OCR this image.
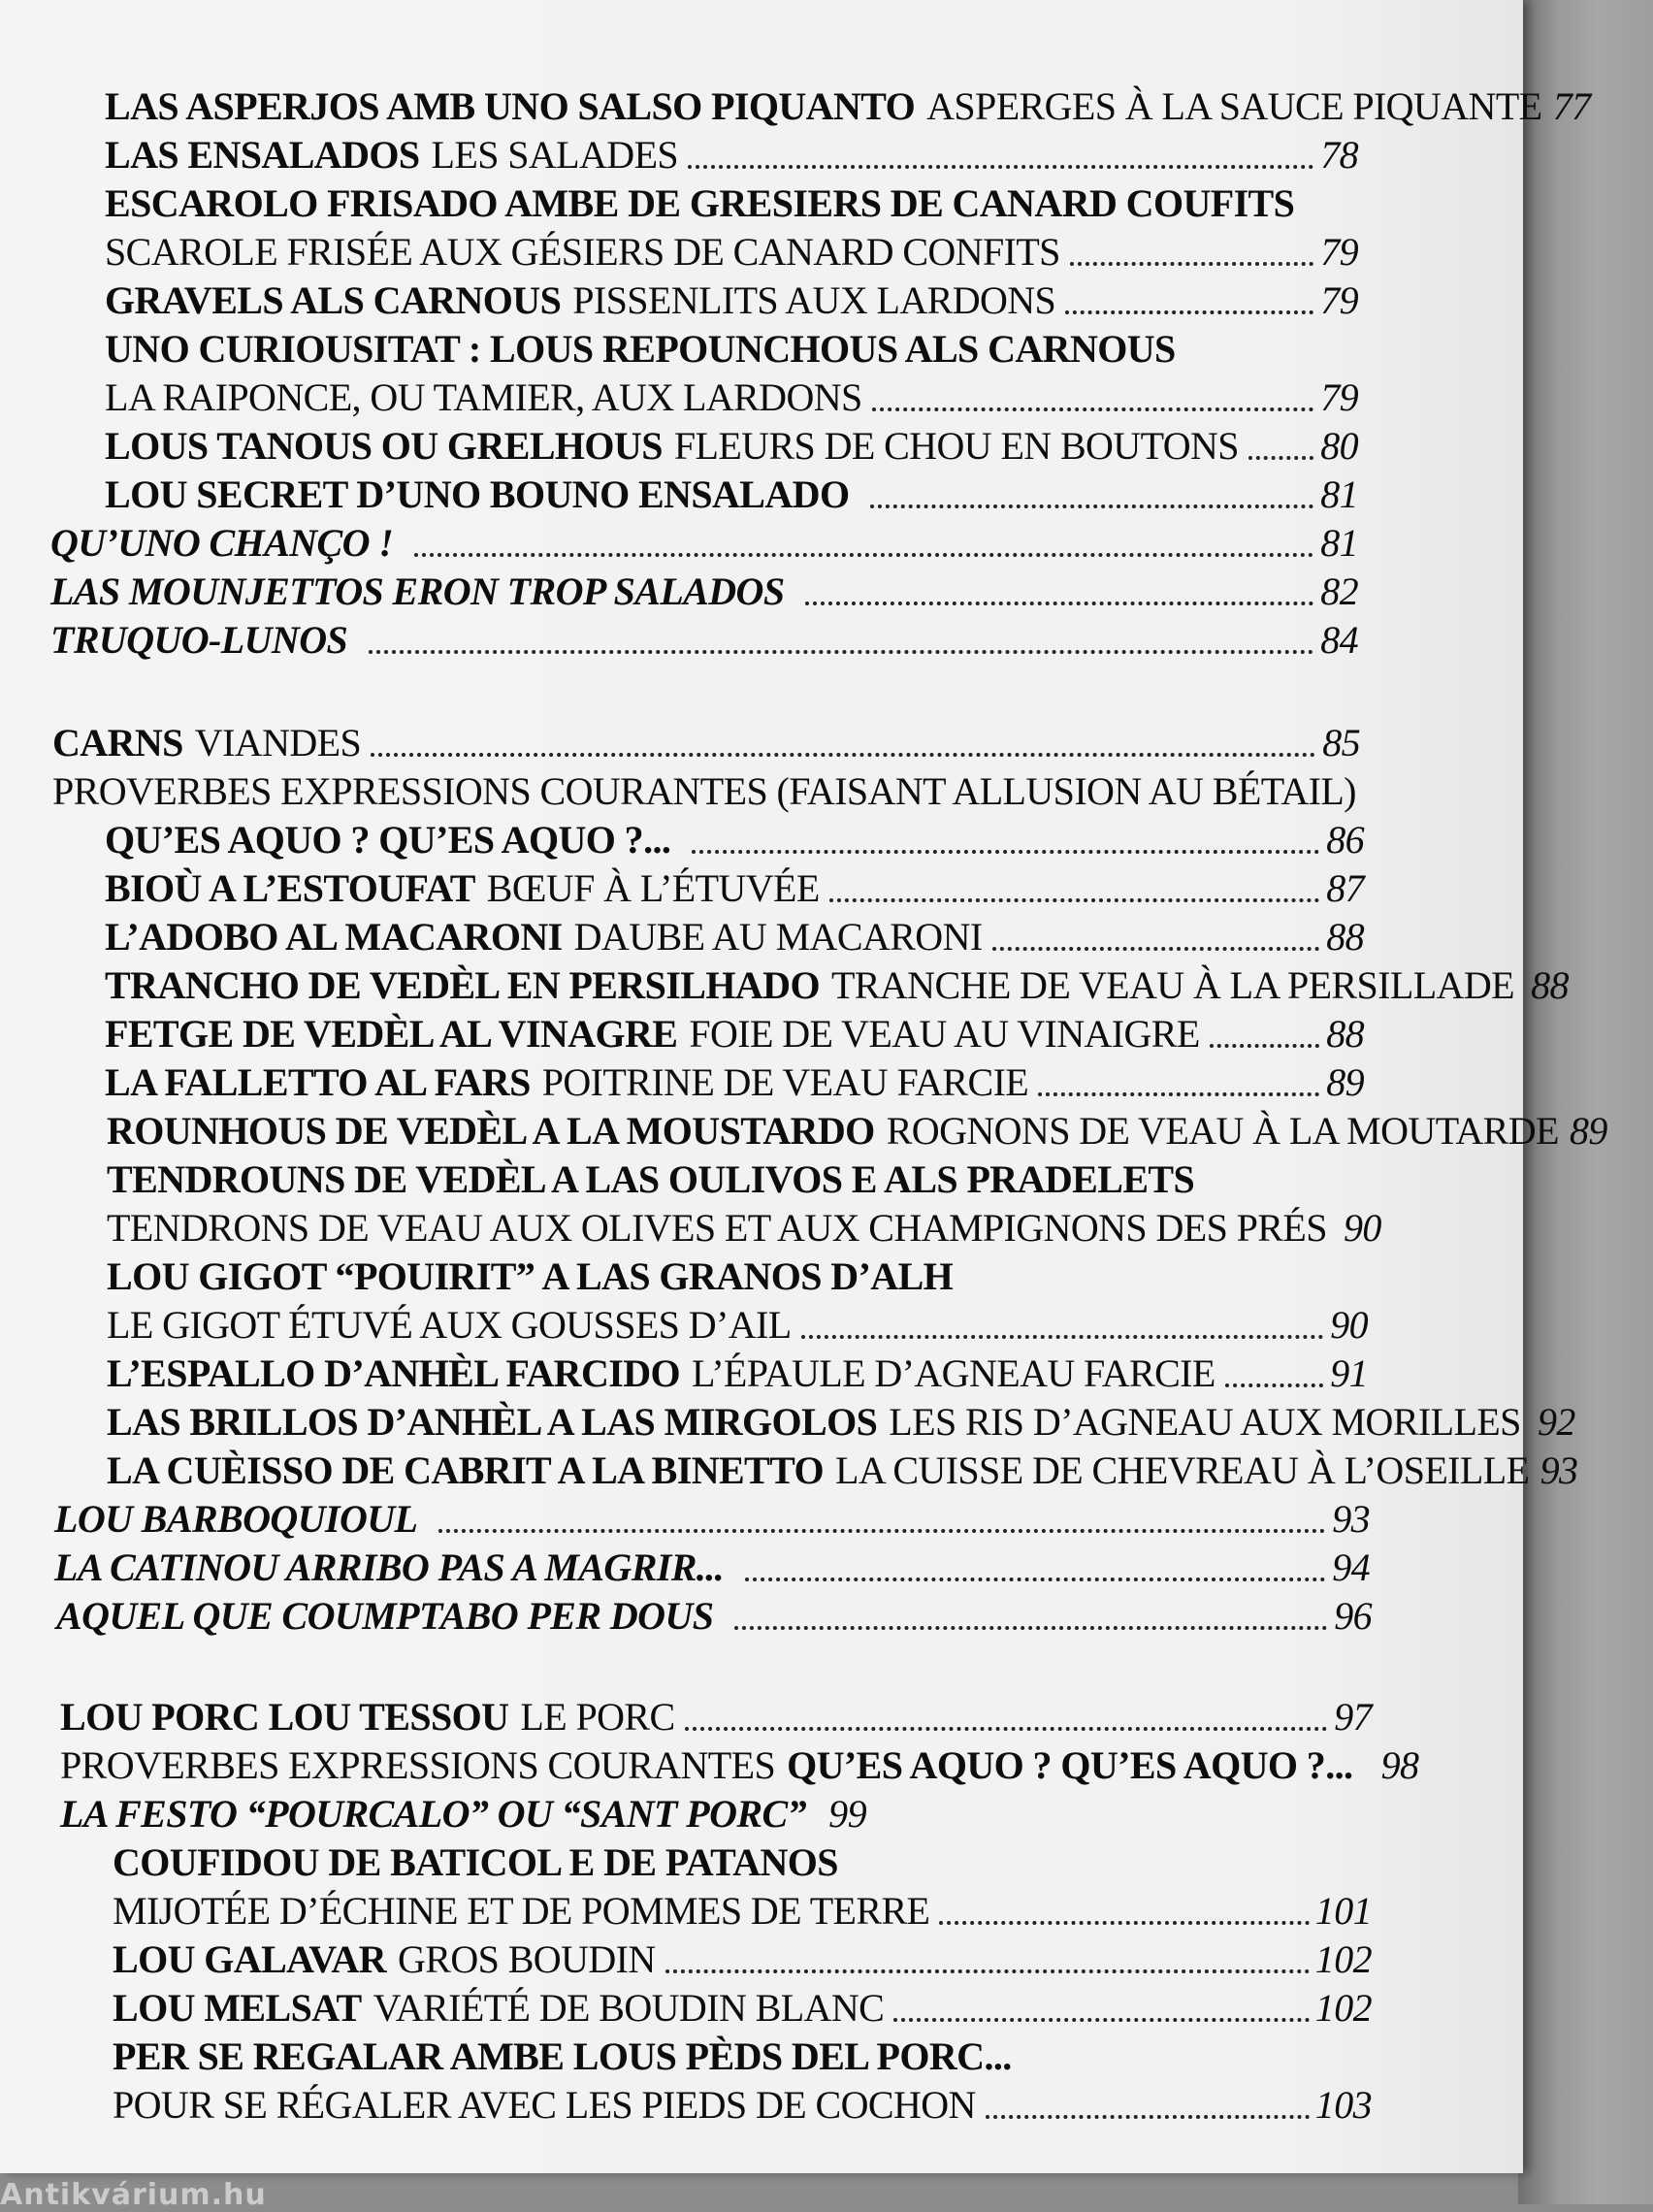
LAS ASPERJOS AMB UNO SALSO PIQUANTO ASPERGES À LA SAUCE PIQUANTE 77
LAS ENSALADOS LES SALADES	78
ESCAROLO FRISADO AMBE DE GRESIERS DE CANARD COUFITS
SCAROLE FRISÉE AUX GÉSIERS DE CANARD CONFITS	79
GRAVELS ALS CARNOUS PISSENLITS AUX LARDONS	79
UNO CURIOUSITAT : LOUS REPOUNCHOUS ALS CARNOUS
LA RAIPONCE, OU TAMIER, AUX LARDONS	79
LOUS TANOUS OU GRELHOUS FLEURS DE CHOU EN BOUTONS 80
LOU SECRET D’UNO BOUNO ENSALADO	81
QU’UNO CHANÇO !	81
LAS MOUNJETTOS ERON TROP SALADOS	82
TRUQUO-LUNOS	84
CARNS VIANDES	85
PROVERBES EXPRESSIONS COURANTES (FAISANT ALLUSION AU BÉTAIL)
QU’ES AQUO ? QU’ES AQUO ?...	86
BIOÙ A L’ESTOUFAT BŒUF À L’ÉTUVÉE	87
L’ADOBO AL MACARONI DAUBE AU MACARONI	88
TRANCHO DE VEDÈL EN PERSILHADO TRANCHE DE VEAU À LA PERSILLADE 88
FETGE DE VEDÈL AL VINAGRE FOIE DE VEAU AU VINAIGRE	88
LA FALLETTO AL FARS POITRINE DE VEAU FARCIE	89
ROUNHOUS DE VEDÈL A LA MOUSTARDO ROGNONS DE VEAU À LA MOUTARDE 89
TENDROUNS DE VEDÈL A LAS OULIVOS E ALS PRADELETS
TENDRONS DE VEAU AUX OLIVES ET AUX CHAMPIGNONS DES PRÉS 90
LOU GIGOT “POUIRIT” A LAS GRANOS D’ALH
LE GIGOT ÉTUVÉ AUX GOUSSES D’AIL	90
L’ESPALLO D’ANHÈL FARCIDO L’ÉPAULE D’AGNEAU FARCIE	91
LAS BRILLOS D’ANHÈL A LAS MIRGOLOS LES RIS D’AGNEAU AUX MORILLES 92
LA CUÈISSO DE CABRIT A LA BINETTO LA CUISSE DE CHEVREAU À L’OSEILLE 93
LOU BARBOQUIOUL	93
LA CATINOU ARRIBO PAS A MAGRIR...	94
AQUEL QUE COUMPTABO PER DOUS	96
LOU PORC LOU TESSOU LE PORC	97
PROVERBES EXPRESSIONS COURANTES QU’ES AQUO ? QU’ES AQUO ?... 98
LA FESTO “POURCALO” OU “SANT PORC” 99
COUFIDOU DE BATICOL E DE PATANOS
MIJOTÉE D’ÉCHINE ET DE POMMES DE TERRE	101
LOU GALAVAR GROS BOUDIN	102
LOU MELSAT VARIÉTÉ DE BOUDIN BLANC	102
PER SE REGALAR AMBE LOUS PÈDS DEL PORC...
POUR SE RÉGALER AVEC LES PIEDS DE COCHON	103
Antikvárium.hu
